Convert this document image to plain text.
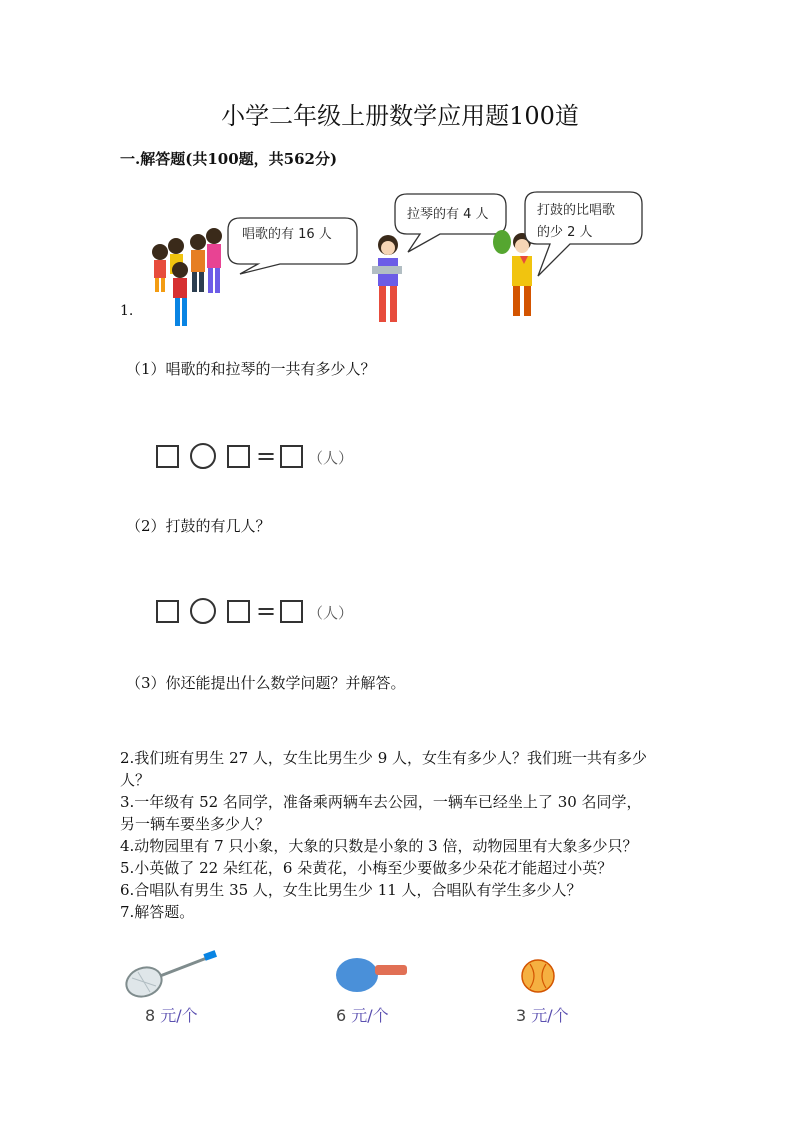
小学二年级上册数学应用题100道
一.解答题(共100题，共562分)
1.
唱歌的有 16 人
拉琴的有 4 人	打鼓的比唱歌
的少 2 人
（1）唱歌的和拉琴的一共有多少人？
= （人）
（2）打鼓的有几人？
= （人）
（3）你还能提出什么数学问题？并解答。
2.我们班有男生 27 人，女生比男生少 9 人，女生有多少人？我们班一共有多少
人？
3.一年级有 52 名同学，准备乘两辆车去公园，一辆车已经坐上了 30 名同学，
另一辆车要坐多少人？
4.动物园里有 7 只小象，大象的只数是小象的 3 倍，动物园里有大象多少只？
5.小英做了 22 朵红花，6 朵黄花，小梅至少要做多少朵花才能超过小英？
6.合唱队有男生 35 人，女生比男生少 11 人，合唱队有学生多少人？
7.解答题。
8 元/个	6 元/个	3 元/个
